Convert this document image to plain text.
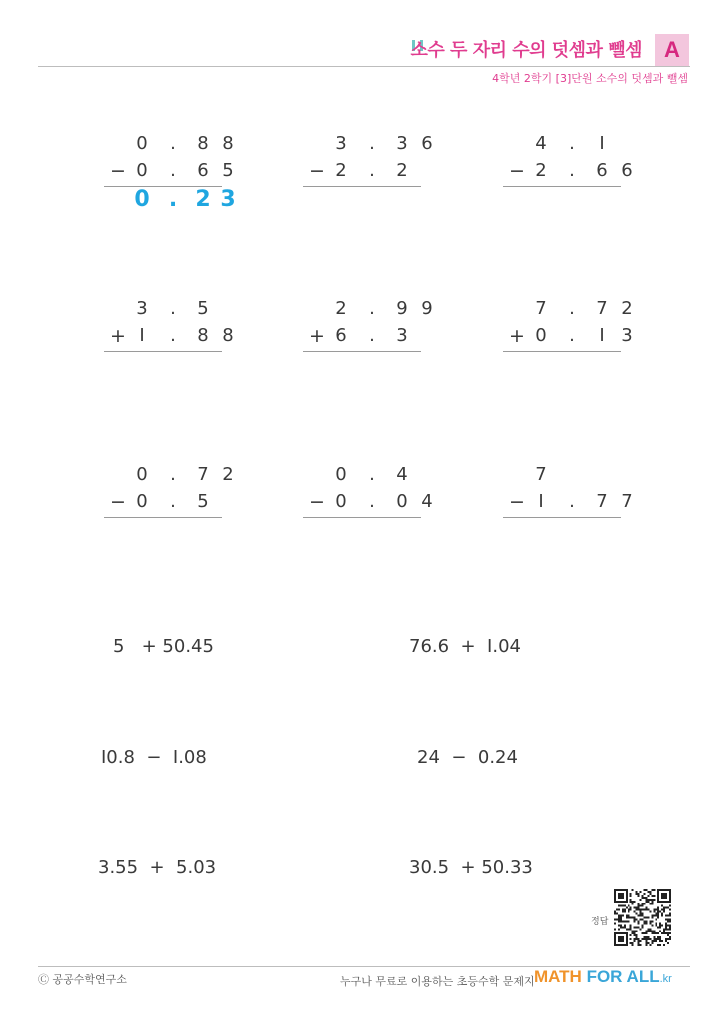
소수 두 자리 수의 덧셈과 뺄셈	A
4학년 2학기 [3]단원 소수의 덧셈과 뺄셈
0	.	8 8
− 0	.	6 5
0 . 2 3
3	.	3 6
− 2	.	2
4	.	I
− 2	.	6 6
3	.	5
+ I	.	8 8
2	.	9 9
+ 6	.	3
7	.	7 2
+ 0	.	I 3
0	.	7 2
− 0	.	5
0	.	4
− 0	.	0 4
7
− I	.	7 7
5   + 50.45	76.6  +  I.04
I0.8  −  I.08	24  −  0.24
3.55  +  5.03	30.5  + 50.33
정답
Ⓒ 공공수학연구소	누구나 무료로 이용하는 초등수학 문제지 MATH FOR ALL.kr
